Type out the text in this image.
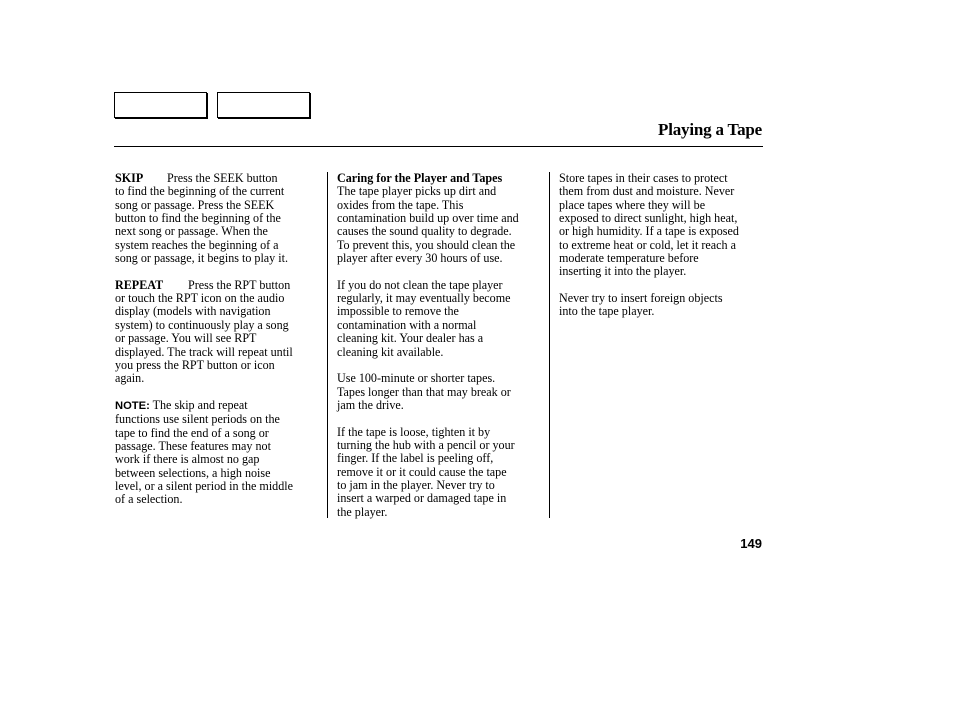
Playing a Tape

SKIP Press the SEEK button
to find the beginning of the current
song or passage. Press the SEEK
button to find the beginning of the
next song or passage. When the
system reaches the beginning of a
song or passage, it begins to play it.

REPEAT Press the RPT button
or touch the RPT icon on the audio
display (models with navigation
system) to continuously play a song
or passage. You will see RPT
displayed. The track will repeat until
you press the RPT button or icon
again.

NOTE: The skip and repeat
functions use silent periods on the
tape to find the end of a song or
passage. These features may not
work if there is almost no gap
between selections, a high noise
level, or a silent period in the middle
of a selection.

Caring for the Player and Tapes
The tape player picks up dirt and
oxides from the tape. This
contamination build up over time and
causes the sound quality to degrade.
To prevent this, you should clean the
player after every 30 hours of use.

If you do not clean the tape player
regularly, it may eventually become
impossible to remove the
contamination with a normal
cleaning kit. Your dealer has a
cleaning kit available.

Use 100-minute or shorter tapes.
Tapes longer than that may break or
jam the drive.

If the tape is loose, tighten it by
turning the hub with a pencil or your
finger. If the label is peeling off,
remove it or it could cause the tape
to jam in the player. Never try to
insert a warped or damaged tape in
the player.

Store tapes in their cases to protect
them from dust and moisture. Never
place tapes where they will be
exposed to direct sunlight, high heat,
or high humidity. If a tape is exposed
to extreme heat or cold, let it reach a
moderate temperature before
inserting it into the player.

Never try to insert foreign objects
into the tape player.

149
